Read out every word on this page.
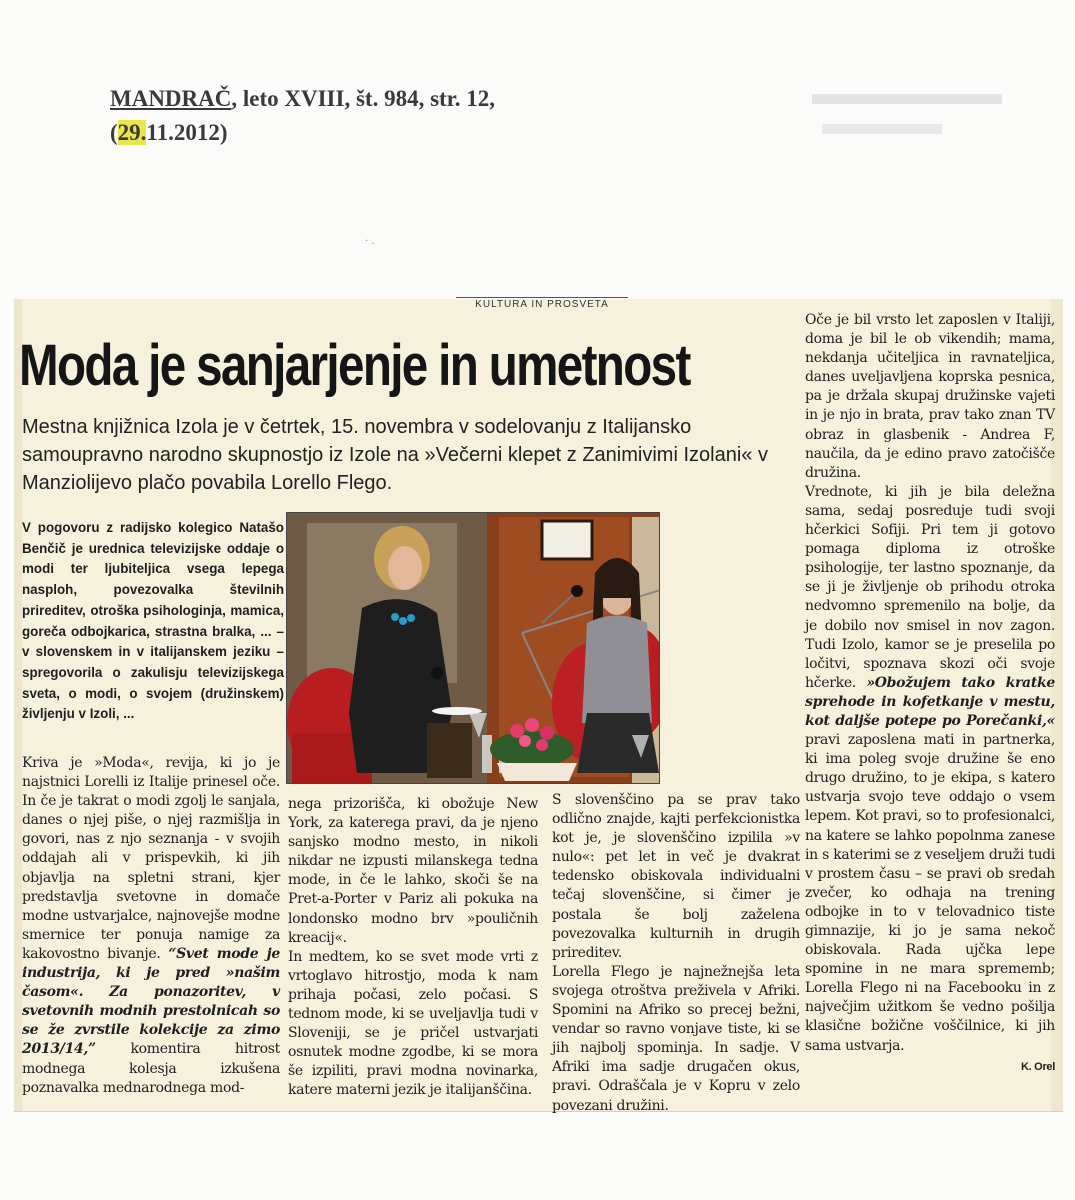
MANDRAČ, leto XVIII, št. 984, str. 12,
(29.11.2012)
· .
KULTURA IN PROSVETA
Moda je sanjarjenje in umetnost
Mestna knjižnica Izola je v četrtek, 15. novembra v sodelovanju z Italijansko samoupravno narodno skupnostjo iz Izole na »Večerni klepet z Zanimivimi Izolani« v Manziolijevo plačo povabila Lorello Flego.
V pogovoru z radijsko kolegico Natašo Benčič je urednica televizijske oddaje o modi ter ljubiteljica vsega lepega nasploh, povezovalka številnih prireditev, otroška psihologinja, mamica, goreča odbojkarica, strastna bralka, ... – v slovenskem in v italijanskem jeziku – spregovorila o zakulisju televizijskega sveta, o modi, o svojem (družinskem) življenju v Izoli, ...

Kriva je »Moda«, revija, ki jo je najstnici Lorelli iz Italije prinesel oče. In če je takrat o modi zgolj le sanjala, danes o njej piše, o njej razmišlja in govori, nas z njo seznanja - v svojih oddajah ali v prispevkih, ki jih objavlja na spletni strani, kjer predstavlja svetovne in domače modne ustvarjalce, najnovejše modne smernice ter ponuja namige za kakovostno bivanje. “Svet mode je industrija, ki je pred »našim časom«. Za ponazoritev, v svetovnih modnih prestolnicah so se že zvrstile kolekcije za zimo 2013/14,” komentira hitrost modnega kolesja izkušena poznavalka mednarodnega mod-

nega prizorišča, ki obožuje New York, za katerega pravi, da je njeno sanjsko modno mesto, in nikoli nikdar ne izpusti milanskega tedna mode, in če le lahko, skoči še na Pret-a-Porter v Pariz ali pokuka na londonsko modno brv »pouličnih kreacij«.

In medtem, ko se svet mode vrti z vrtoglavo hitrostjo, moda k nam prihaja počasi, zelo počasi. S tednom mode, ki se uveljavlja tudi v Sloveniji, se je pričel ustvarjati osnutek modne zgodbe, ki se mora še izpiliti, pravi modna novinarka, katere materni jezik je italijanščina.

S slovenščino pa se prav tako odlično znajde, kajti perfekcionistka kot je, je slovenščino izpilila »v nulo«: pet let in več je dvakrat tedensko obiskovala individualni tečaj slovenščine, si čimer je postala še bolj zaželena povezovalka kulturnih in drugih prireditev.

Lorella Flego je najnežnejša leta svojega otroštva preživela v Afriki. Spomini na Afriko so precej bežni, vendar so ravno vonjave tiste, ki se jih najbolj spominja. In sadje. V Afriki ima sadje drugačen okus, pravi. Odraščala je v Kopru v zelo povezani družini.

Oče je bil vrsto let zaposlen v Italiji, doma je bil le ob vikendih; mama, nekdanja učiteljica in ravnateljica, danes uveljavljena koprska pesnica, pa je držala skupaj družinske vajeti in je njo in brata, prav tako znan TV obraz in glasbenik - Andrea F, naučila, da je edino pravo zatočišče družina.

Vrednote, ki jih je bila deležna sama, sedaj posreduje tudi svoji hčerkici Sofiji. Pri tem ji gotovo pomaga diploma iz otroške psihologije, ter lastno spoznanje, da se ji je življenje ob prihodu otroka nedvomno spremenilo na bolje, da je dobilo nov smisel in nov zagon. Tudi Izolo, kamor se je preselila po ločitvi, spoznava skozi oči svoje hčerke. »Obožujem tako kratke sprehode in kofetkanje v mestu, kot daljše potepe po Porečanki,« pravi zaposlena mati in partnerka, ki ima poleg svoje družine še eno drugo družino, to je ekipa, s katero ustvarja svojo teve oddajo o vsem lepem. Kot pravi, so to profesionalci, na katere se lahko popolnma zanese in s katerimi se z veseljem druži tudi v prostem času – se pravi ob sredah zvečer, ko odhaja na trening odbojke in to v telovadnico tiste gimnazije, ki jo je sama nekoč obiskovala. Rada ujčka lepe spomine in ne mara sprememb; Lorella Flego ni na Facebooku in z največjim užitkom še vedno pošilja klasične božične voščilnice, ki jih sama ustvarja.

K. Orel
